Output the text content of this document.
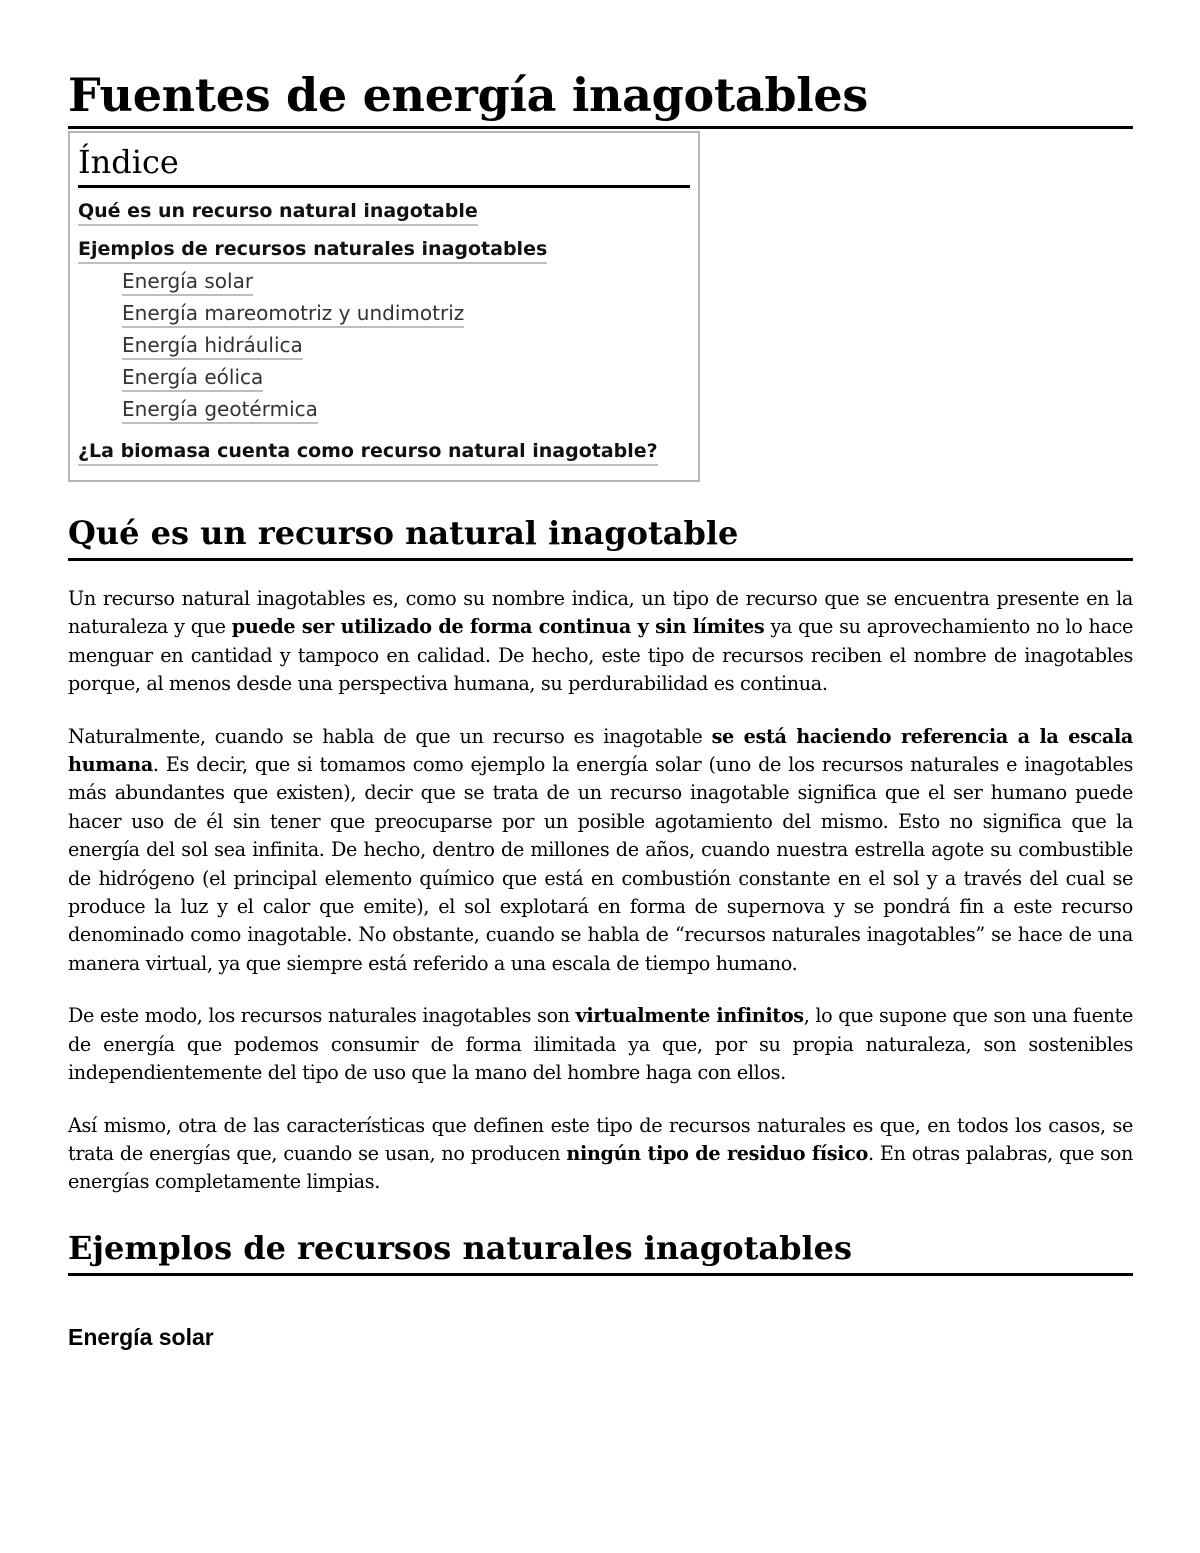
Fuentes de energía inagotables
Índice
Qué es un recurso natural inagotable
Ejemplos de recursos naturales inagotables
Energía solar
Energía mareomotriz y undimotriz
Energía hidráulica
Energía eólica
Energía geotérmica
¿La biomasa cuenta como recurso natural inagotable?
Qué es un recurso natural inagotable

Un recurso natural inagotables es, como su nombre indica, un tipo de recurso que se encuentra presente en la naturaleza y que puede ser utilizado de forma continua y sin límites ya que su aprovechamiento no lo hace menguar en cantidad y tampoco en calidad. De hecho, este tipo de recursos reciben el nombre de inagotables porque, al menos desde una perspectiva humana, su perdurabilidad es continua.

Naturalmente, cuando se habla de que un recurso es inagotable se está haciendo referencia a la escala humana. Es decir, que si tomamos como ejemplo la energía solar (uno de los recursos naturales e inagotables más abundantes que existen), decir que se trata de un recurso inagotable significa que el ser humano puede hacer uso de él sin tener que preocuparse por un posible agotamiento del mismo. Esto no significa que la energía del sol sea infinita. De hecho, dentro de millones de años, cuando nuestra estrella agote su combustible de hidrógeno (el principal elemento químico que está en combustión constante en el sol y a través del cual se produce la luz y el calor que emite), el sol explotará en forma de supernova y se pondrá fin a este recurso denominado como inagotable. No obstante, cuando se habla de “recursos naturales inagotables” se hace de una manera virtual, ya que siempre está referido a una escala de tiempo humano.

De este modo, los recursos naturales inagotables son virtualmente infinitos, lo que supone que son una fuente de energía que podemos consumir de forma ilimitada ya que, por su propia naturaleza, son sostenibles independientemente del tipo de uso que la mano del hombre haga con ellos.

Así mismo, otra de las características que definen este tipo de recursos naturales es que, en todos los casos, se trata de energías que, cuando se usan, no producen ningún tipo de residuo físico. En otras palabras, que son energías completamente limpias.

Ejemplos de recursos naturales inagotables
Energía solar
